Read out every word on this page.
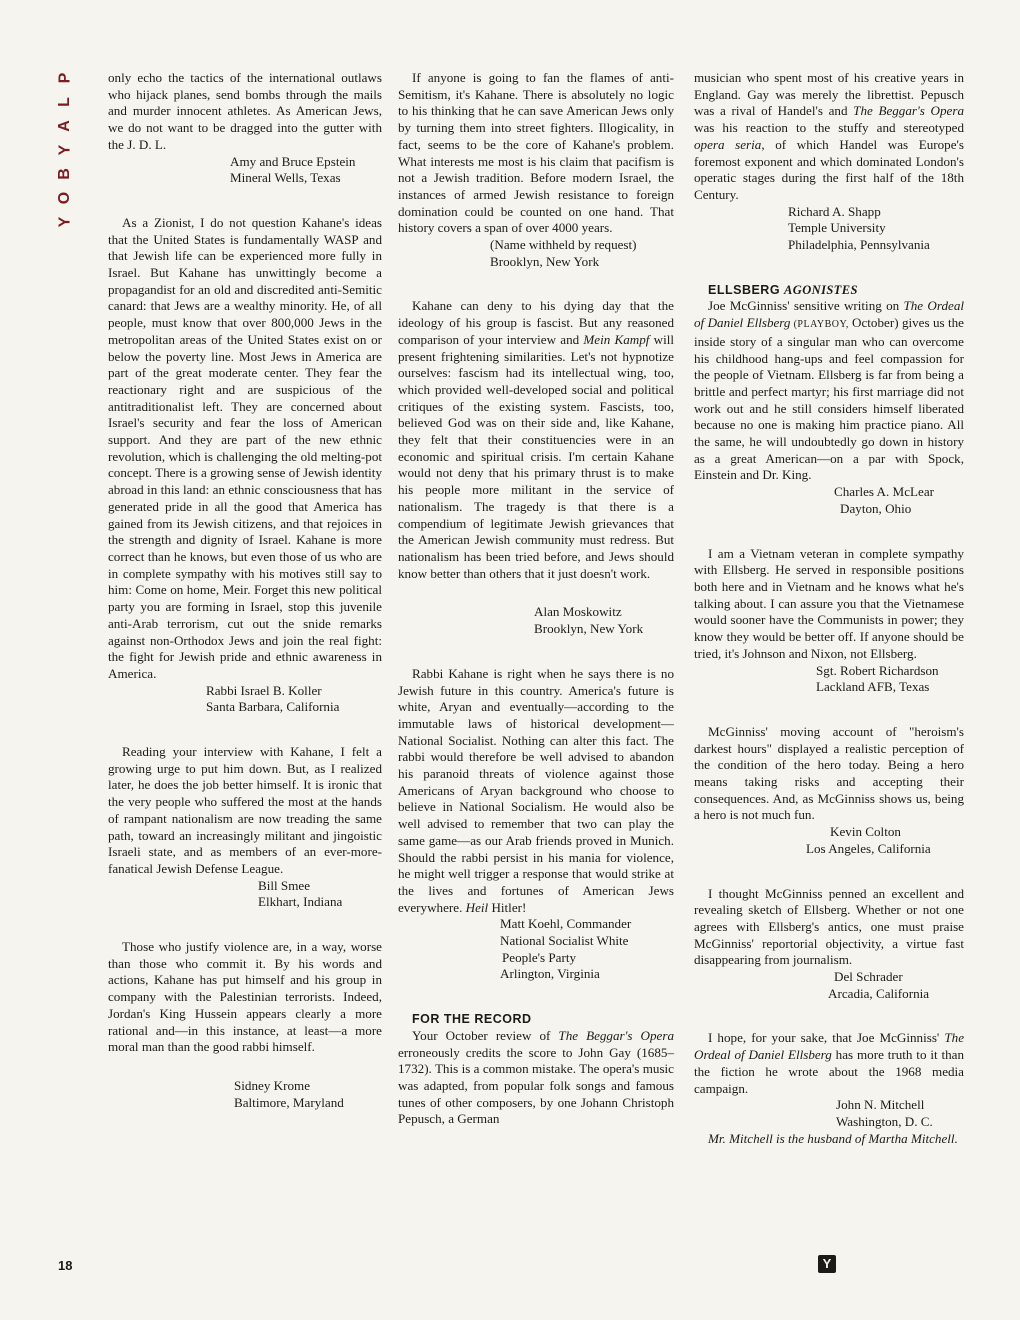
P
L
A
Y
B
O
Y

only echo the tactics of the international outlaws who hijack planes, send bombs through the mails and murder innocent athletes. As American Jews, we do not want to be dragged into the gutter with the J. D. L.

Amy and Bruce Epstein
Mineral Wells, Texas

As a Zionist, I do not question Kahane's ideas that the United States is fundamentally WASP and that Jewish life can be experienced more fully in Israel. But Kahane has unwittingly become a propagandist for an old and discredited anti-Semitic canard: that Jews are a wealthy minority. He, of all people, must know that over 800,000 Jews in the metropolitan areas of the United States exist on or below the poverty line. Most Jews in America are part of the great moderate center. They fear the reactionary right and are suspicious of the antitraditionalist left. They are concerned about Israel's security and fear the loss of American support. And they are part of the new ethnic revolution, which is challenging the old melting-pot concept. There is a growing sense of Jewish identity abroad in this land: an ethnic consciousness that has generated pride in all the good that America has gained from its Jewish citizens, and that rejoices in the strength and dignity of Israel. Kahane is more correct than he knows, but even those of us who are in complete sympathy with his motives still say to him: Come on home, Meir. Forget this new political party you are forming in Israel, stop this juvenile anti-Arab terrorism, cut out the snide remarks against non-Orthodox Jews and join the real fight: the fight for Jewish pride and ethnic awareness in America.

Rabbi Israel B. Koller
Santa Barbara, California

Reading your interview with Kahane, I felt a growing urge to put him down. But, as I realized later, he does the job better himself. It is ironic that the very people who suffered the most at the hands of rampant nationalism are now treading the same path, toward an increasingly militant and jingoistic Israeli state, and as members of an ever-more-fanatical Jewish Defense League.

Bill Smee
Elkhart, Indiana

Those who justify violence are, in a way, worse than those who commit it. By his words and actions, Kahane has put himself and his group in company with the Palestinian terrorists. Indeed, Jordan's King Hussein appears clearly a more rational and—in this instance, at least—a more moral man than the good rabbi himself.

Sidney Krome
Baltimore, Maryland

If anyone is going to fan the flames of anti-Semitism, it's Kahane. There is absolutely no logic to his thinking that he can save American Jews only by turning them into street fighters. Illogicality, in fact, seems to be the core of Kahane's problem. What interests me most is his claim that pacifism is not a Jewish tradition. Before modern Israel, the instances of armed Jewish resistance to foreign domination could be counted on one hand. That history covers a span of over 4000 years.

(Name withheld by request)
Brooklyn, New York

Kahane can deny to his dying day that the ideology of his group is fascist. But any reasoned comparison of your interview and Mein Kampf will present frightening similarities. Let's not hypnotize ourselves: fascism had its intellectual wing, too, which provided well-developed social and political critiques of the existing system. Fascists, too, believed God was on their side and, like Kahane, they felt that their constituencies were in an economic and spiritual crisis. I'm certain Kahane would not deny that his primary thrust is to make his people more militant in the service of nationalism. The tragedy is that there is a compendium of legitimate Jewish grievances that the American Jewish community must redress. But nationalism has been tried before, and Jews should know better than others that it just doesn't work.

Alan Moskowitz
Brooklyn, New York

Rabbi Kahane is right when he says there is no Jewish future in this country. America's future is white, Aryan and eventually—according to the immutable laws of historical development—National Socialist. Nothing can alter this fact. The rabbi would therefore be well advised to abandon his paranoid threats of violence against those Americans of Aryan background who choose to believe in National Socialism. He would also be well advised to remember that two can play the same game—as our Arab friends proved in Munich. Should the rabbi persist in his mania for violence, he might well trigger a response that would strike at the lives and fortunes of American Jews everywhere. Heil Hitler!

Matt Koehl, Commander
National Socialist White
People's Party
Arlington, Virginia

FOR THE RECORD

Your October review of The Beggar's Opera erroneously credits the score to John Gay (1685–1732). This is a common mistake. The opera's music was adapted, from popular folk songs and famous tunes of other composers, by one Johann Christoph Pepusch, a German

musician who spent most of his creative years in England. Gay was merely the librettist. Pepusch was a rival of Handel's and The Beggar's Opera was his reaction to the stuffy and stereotyped opera seria, of which Handel was Europe's foremost exponent and which dominated London's operatic stages during the first half of the 18th Century.

Richard A. Shapp
Temple University
Philadelphia, Pennsylvania

ELLSBERG AGONISTES

Joe McGinniss' sensitive writing on The Ordeal of Daniel Ellsberg (PLAYBOY, October) gives us the inside story of a singular man who can overcome his childhood hang-ups and feel compassion for the people of Vietnam. Ellsberg is far from being a brittle and perfect martyr; his first marriage did not work out and he still considers himself liberated because no one is making him practice piano. All the same, he will undoubtedly go down in history as a great American—on a par with Spock, Einstein and Dr. King.

Charles A. McLear
Dayton, Ohio

I am a Vietnam veteran in complete sympathy with Ellsberg. He served in responsible positions both here and in Vietnam and he knows what he's talking about. I can assure you that the Vietnamese would sooner have the Communists in power; they know they would be better off. If anyone should be tried, it's Johnson and Nixon, not Ellsberg.

Sgt. Robert Richardson
Lackland AFB, Texas

McGinniss' moving account of "heroism's darkest hours" displayed a realistic perception of the condition of the hero today. Being a hero means taking risks and accepting their consequences. And, as McGinniss shows us, being a hero is not much fun.

Kevin Colton
Los Angeles, California

I thought McGinniss penned an excellent and revealing sketch of Ellsberg. Whether or not one agrees with Ellsberg's antics, one must praise McGinniss' reportorial objectivity, a virtue fast disappearing from journalism.

Del Schrader
Arcadia, California

I hope, for your sake, that Joe McGinniss' The Ordeal of Daniel Ellsberg has more truth to it than the fiction he wrote about the 1968 media campaign.

John N. Mitchell
Washington, D. C.

Mr. Mitchell is the husband of Martha Mitchell.

18	Y
